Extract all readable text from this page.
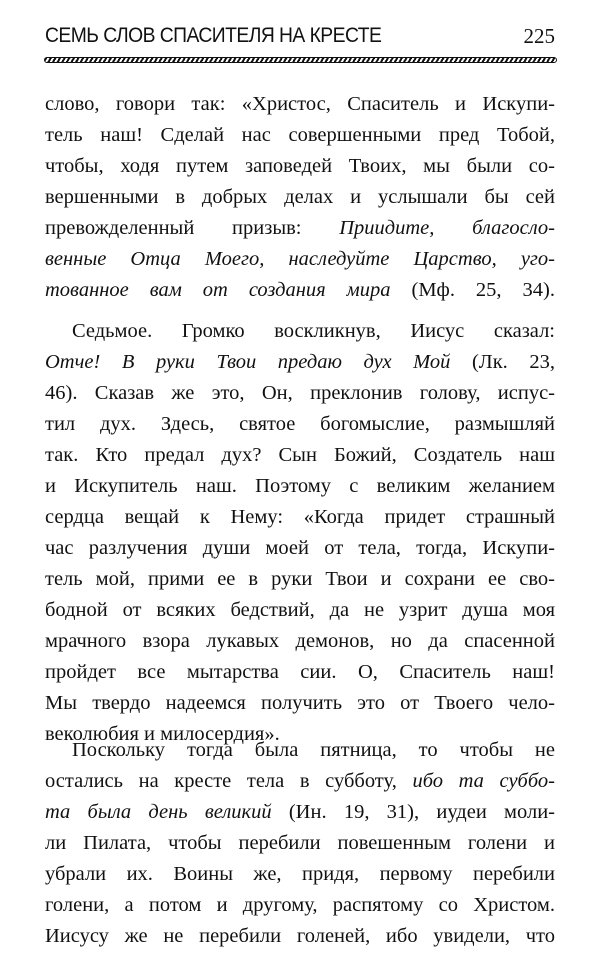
СЕМЬ СЛОВ СПАСИТЕЛЯ НА КРЕСТЕ	225
слово, говори так: «Христос, Спаситель и Искупи-
тель наш! Сделай нас совершенными пред Тобой,
чтобы, ходя путем заповедей Твоих, мы были со-
вершенными в добрых делах и услышали бы сей
превожделенный призыв: Приидите, благосло-
венные Отца Моего, наследуйте Царство, уго-
тованное вам от создания мира (Мф. 25, 34).
Седьмое. Громко воскликнув, Иисус сказал:
Отче! В руки Твои предаю дух Мой (Лк. 23,
46). Сказав же это, Он, преклонив голову, испус-
тил дух. Здесь, святое богомыслие, размышляй
так. Кто предал дух? Сын Божий, Создатель наш
и Искупитель наш. Поэтому с великим желанием
сердца вещай к Нему: «Когда придет страшный
час разлучения души моей от тела, тогда, Искупи-
тель мой, прими ее в руки Твои и сохрани ее сво-
бодной от всяких бедствий, да не узрит душа моя
мрачного взора лукавых демонов, но да спасенной
пройдет все мытарства сии. О, Спаситель наш!
Мы твердо надеемся получить это от Твоего чело-
веколюбия и милосердия».
Поскольку тогда была пятница, то чтобы не
остались на кресте тела в субботу, ибо та суббо-
та была день великий (Ин. 19, 31), иудеи моли-
ли Пилата, чтобы перебили повешенным голени и
убрали их. Воины же, придя, первому перебили
голени, а потом и другому, распятому со Христом.
Иисусу же не перебили голеней, ибо увидели, что
